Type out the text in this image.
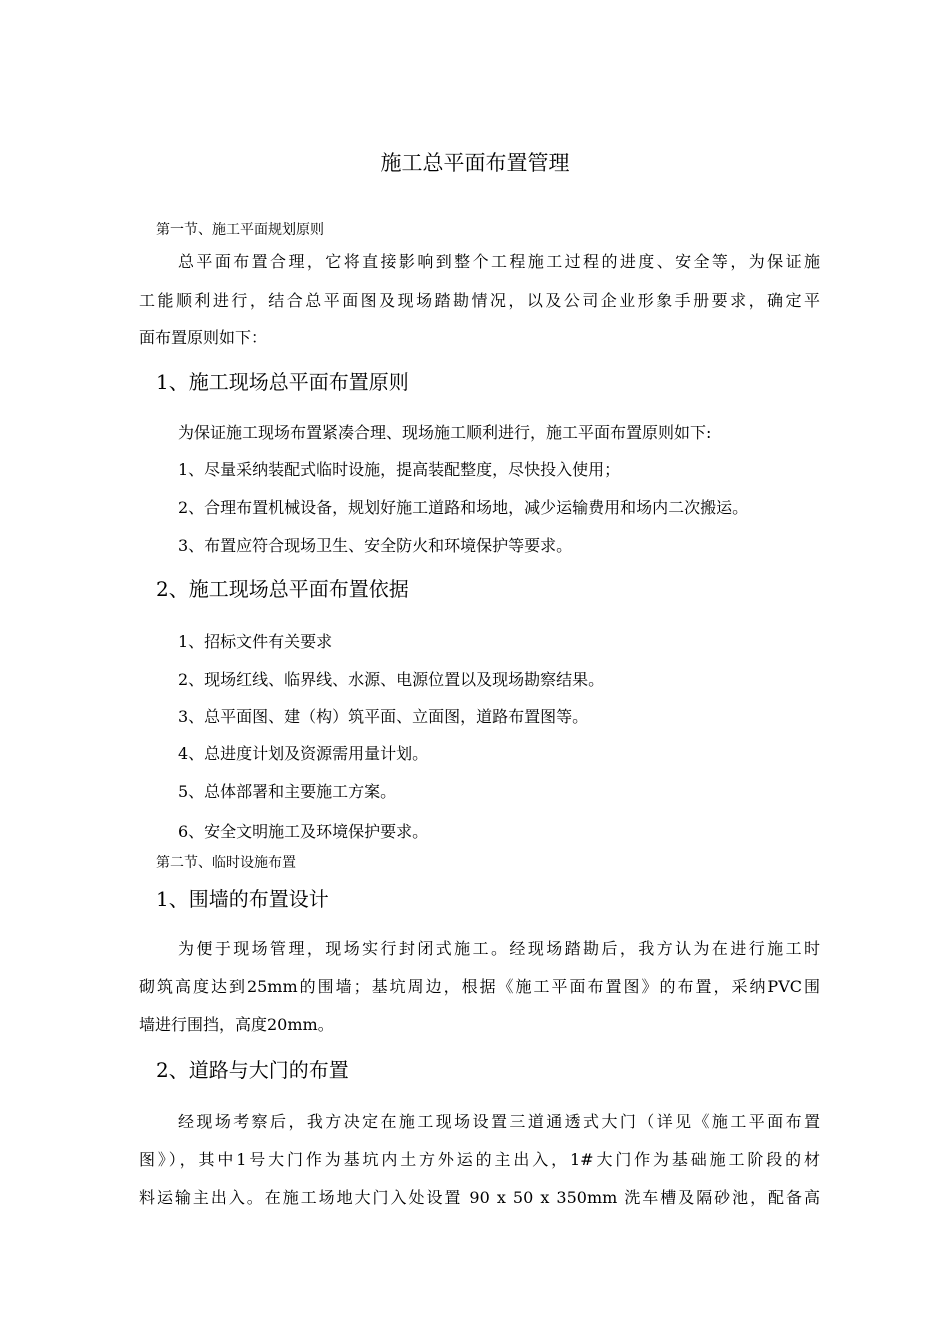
施工总平面布置管理
第一节、施工平面规划原则
总平面布置合理，它将直接影响到整个工程施工过程的进度、安全等，为保证施
工能顺利进行，结合总平面图及现场踏勘情况，以及公司企业形象手册要求，确定平
面布置原则如下：
1、施工现场总平面布置原则
为保证施工现场布置紧凑合理、现场施工顺利进行，施工平面布置原则如下:
1、尽量采纳装配式临时设施，提高装配整度，尽快投入使用；
2、合理布置机械设备，规划好施工道路和场地，减少运输费用和场内二次搬运。
3、布置应符合现场卫生、安全防火和环境保护等要求。
2、施工现场总平面布置依据
1、招标文件有关要求
2、现场红线、临界线、水源、电源位置以及现场勘察结果。
3、总平面图、建（构）筑平面、立面图，道路布置图等。
4、总进度计划及资源需用量计划。
5、总体部署和主要施工方案。
6、安全文明施工及环境保护要求。
第二节、临时设施布置
1、围墙的布置设计
为便于现场管理，现场实行封闭式施工。经现场踏勘后，我方认为在进行施工时
砌筑高度达到25mm的围墙；基坑周边，根据《施工平面布置图》的布置，采纳PVC围
墙进行围挡，高度20mm。
2、道路与大门的布置
经现场考察后，我方决定在施工现场设置三道通透式大门（详见《施工平面布置
图》），其中1号大门作为基坑内土方外运的主出入，1#大门作为基础施工阶段的材
料运输主出入。在施工场地大门入处设置 90 x 50 x 350mm 洗车槽及隔砂池，配备高
